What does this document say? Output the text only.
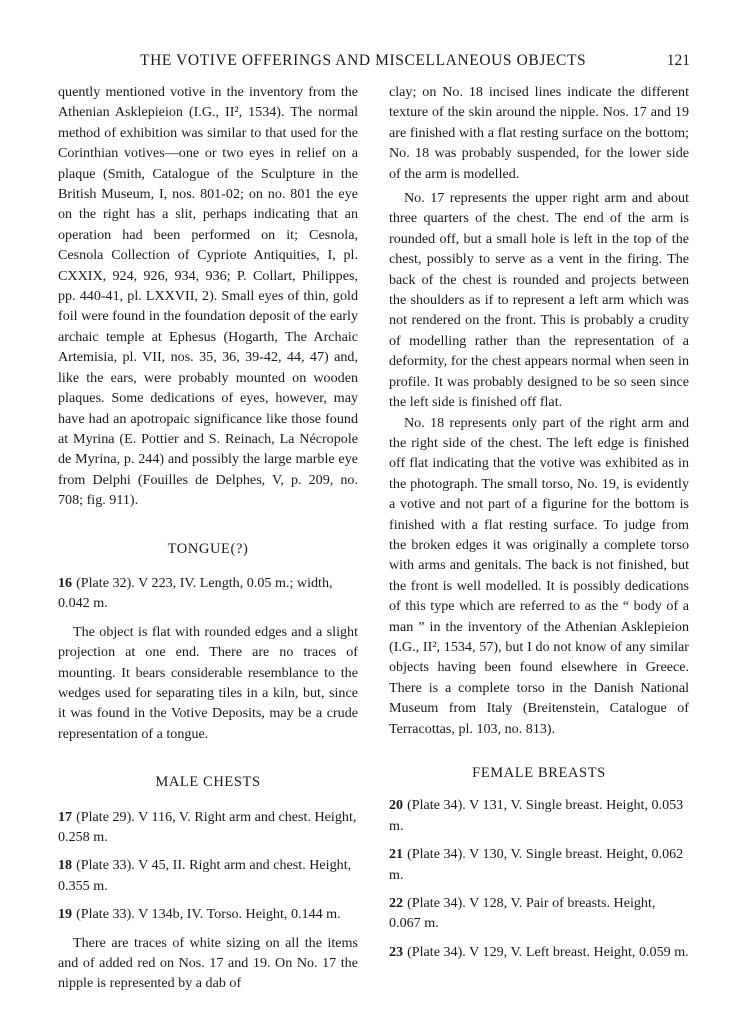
THE VOTIVE OFFERINGS AND MISCELLANEOUS OBJECTS	121

quently mentioned votive in the inventory from the Athenian Asklepieion (I.G., II², 1534). The normal method of exhibition was similar to that used for the Corinthian votives—one or two eyes in relief on a plaque (Smith, Catalogue of the Sculpture in the British Museum, I, nos. 801-02; on no. 801 the eye on the right has a slit, perhaps indicating that an operation had been performed on it; Cesnola, Cesnola Collection of Cypriote Antiquities, I, pl. CXXIX, 924, 926, 934, 936; P. Collart, Philippes, pp. 440-41, pl. LXXVII, 2). Small eyes of thin, gold foil were found in the foundation deposit of the early archaic temple at Ephesus (Hogarth, The Archaic Artemisia, pl. VII, nos. 35, 36, 39-42, 44, 47) and, like the ears, were probably mounted on wooden plaques. Some dedications of eyes, however, may have had an apotropaic significance like those found at Myrina (E. Pottier and S. Reinach, La Nécropole de Myrina, p. 244) and possibly the large marble eye from Delphi (Fouilles de Delphes, V, p. 209, no. 708; fig. 911).

TONGUE(?)

16 (Plate 32). V 223, IV. Length, 0.05 m.; width, 0.042 m.

The object is flat with rounded edges and a slight projection at one end. There are no traces of mounting. It bears considerable resemblance to the wedges used for separating tiles in a kiln, but, since it was found in the Votive Deposits, may be a crude representation of a tongue.

MALE CHESTS

17 (Plate 29). V 116, V. Right arm and chest. Height, 0.258 m.

18 (Plate 33). V 45, II. Right arm and chest. Height, 0.355 m.

19 (Plate 33). V 134b, IV. Torso. Height, 0.144 m.

There are traces of white sizing on all the items and of added red on Nos. 17 and 19. On No. 17 the nipple is represented by a dab of

clay; on No. 18 incised lines indicate the different texture of the skin around the nipple. Nos. 17 and 19 are finished with a flat resting surface on the bottom; No. 18 was probably suspended, for the lower side of the arm is modelled.

No. 17 represents the upper right arm and about three quarters of the chest. The end of the arm is rounded off, but a small hole is left in the top of the chest, possibly to serve as a vent in the firing. The back of the chest is rounded and projects between the shoulders as if to represent a left arm which was not rendered on the front. This is probably a crudity of modelling rather than the representation of a deformity, for the chest appears normal when seen in profile. It was probably designed to be so seen since the left side is finished off flat.

No. 18 represents only part of the right arm and the right side of the chest. The left edge is finished off flat indicating that the votive was exhibited as in the photograph. The small torso, No. 19, is evidently a votive and not part of a figurine for the bottom is finished with a flat resting surface. To judge from the broken edges it was originally a complete torso with arms and genitals. The back is not finished, but the front is well modelled. It is possibly dedications of this type which are referred to as the “ body of a man ” in the inventory of the Athenian Asklepieion (I.G., II², 1534, 57), but I do not know of any similar objects having been found elsewhere in Greece. There is a complete torso in the Danish National Museum from Italy (Breitenstein, Catalogue of Terracottas, pl. 103, no. 813).

FEMALE BREASTS

20 (Plate 34). V 131, V. Single breast. Height, 0.053 m.

21 (Plate 34). V 130, V. Single breast. Height, 0.062 m.

22 (Plate 34). V 128, V. Pair of breasts. Height, 0.067 m.

23 (Plate 34). V 129, V. Left breast. Height, 0.059 m.
